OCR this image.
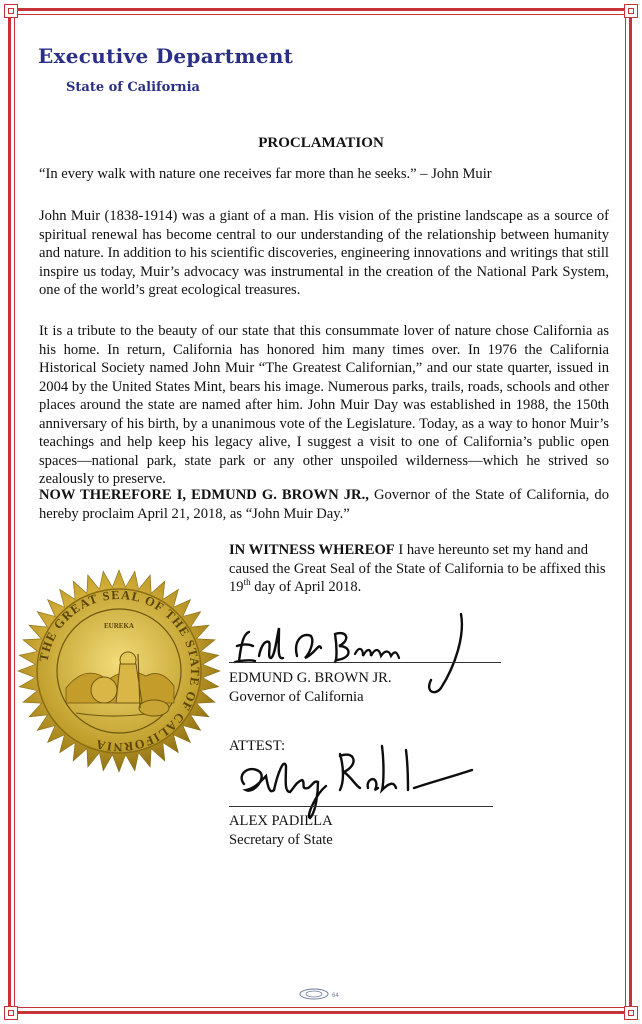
Executive Department
State of California
PROCLAMATION
“In every walk with nature one receives far more than he seeks.” – John Muir
John Muir (1838-1914) was a giant of a man. His vision of the pristine landscape as a source of spiritual renewal has become central to our understanding of the relationship between humanity and nature. In addition to his scientific discoveries, engineering innovations and writings that still inspire us today, Muir’s advocacy was instrumental in the creation of the National Park System, one of the world’s great ecological treasures.
It is a tribute to the beauty of our state that this consummate lover of nature chose California as his home. In return, California has honored him many times over. In 1976 the California Historical Society named John Muir “The Greatest Californian,” and our state quarter, issued in 2004 by the United States Mint, bears his image. Numerous parks, trails, roads, schools and other places around the state are named after him. John Muir Day was established in 1988, the 150th anniversary of his birth, by a unanimous vote of the Legislature. Today, as a way to honor Muir’s teachings and help keep his legacy alive, I suggest a visit to one of California’s public open spaces—national park, state park or any other unspoiled wilderness—which he strived so zealously to preserve.
NOW THEREFORE I, EDMUND G. BROWN JR., Governor of the State of California, do hereby proclaim April 21, 2018, as “John Muir Day.”
IN WITNESS WHEREOF I have hereunto set my hand and caused the Great Seal of the State of California to be affixed this 19th day of April 2018.
THE GREAT SEAL OF THE STATE OF CALIFORNIA
EUREKA
EDMUND G. BROWN JR.
Governor of California
ATTEST:
ALEX PADILLA
Secretary of State
64
